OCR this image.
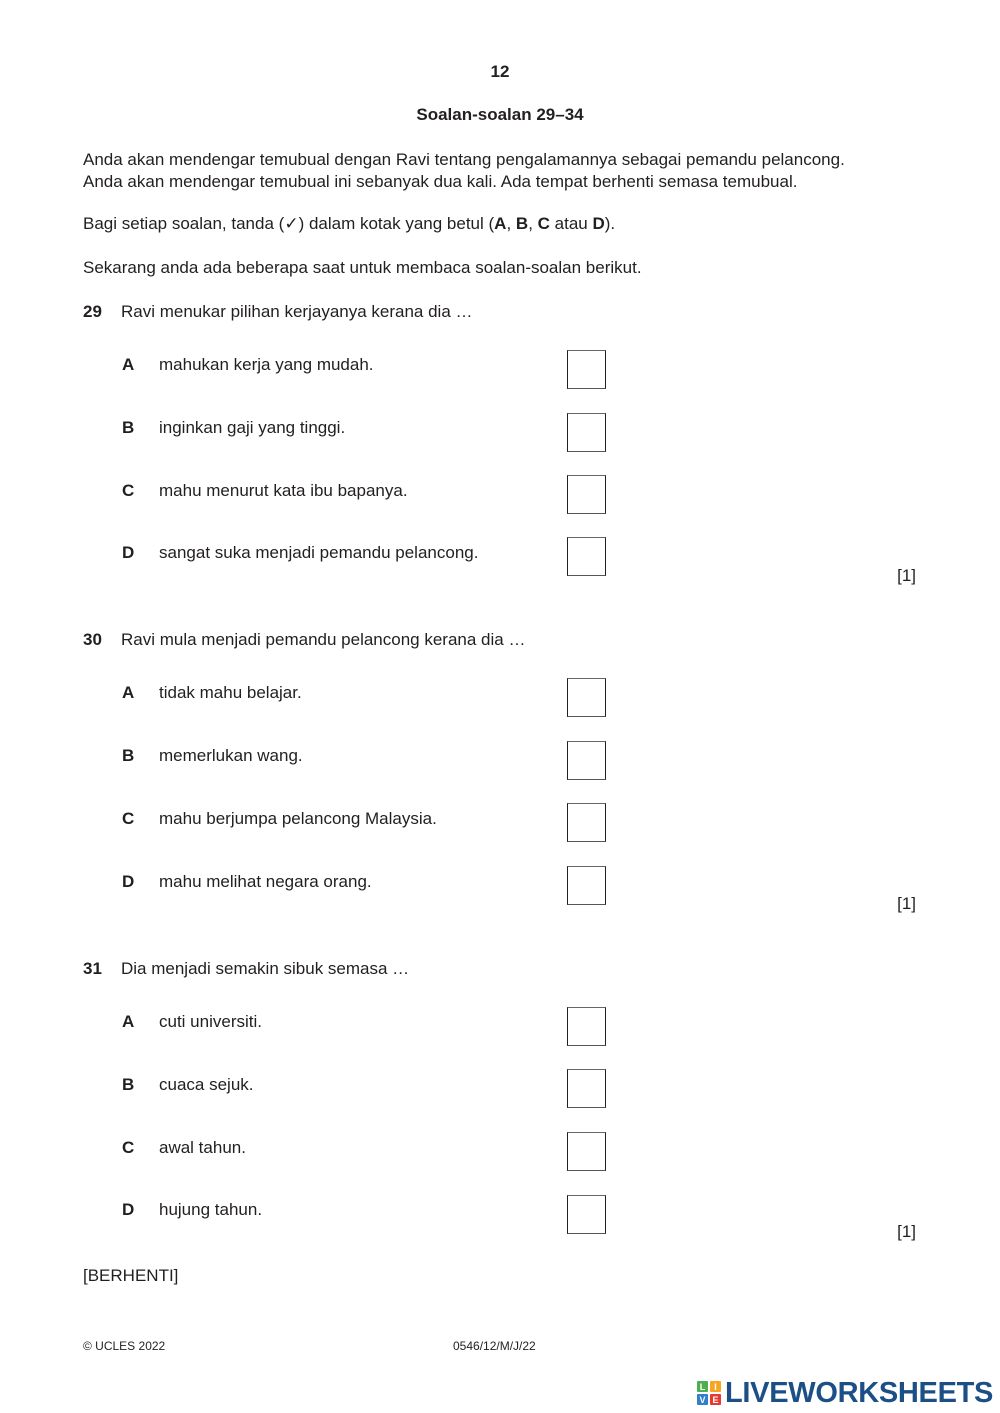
12
Soalan-soalan 29–34
Anda akan mendengar temubual dengan Ravi tentang pengalamannya sebagai pemandu pelancong.
Anda akan mendengar temubual ini sebanyak dua kali. Ada tempat berhenti semasa temubual.
Bagi setiap soalan, tanda (✓) dalam kotak yang betul (A, B, C atau D).
Sekarang anda ada beberapa saat untuk membaca soalan-soalan berikut.
29 Ravi menukar pilihan kerjayanya kerana dia …
A mahukan kerja yang mudah.
B inginkan gaji yang tinggi.
C mahu menurut kata ibu bapanya.
D sangat suka menjadi pemandu pelancong.
[1]
30 Ravi mula menjadi pemandu pelancong kerana dia …
A tidak mahu belajar.
B memerlukan wang.
C mahu berjumpa pelancong Malaysia.
D mahu melihat negara orang.
[1]
31 Dia menjadi semakin sibuk semasa …
A cuti universiti.
B cuaca sejuk.
C awal tahun.
D hujung tahun.
[1]
[BERHENTI]
© UCLES 2022	0546/12/M/J/22
L I
V E LIVEWORKSHEETS
